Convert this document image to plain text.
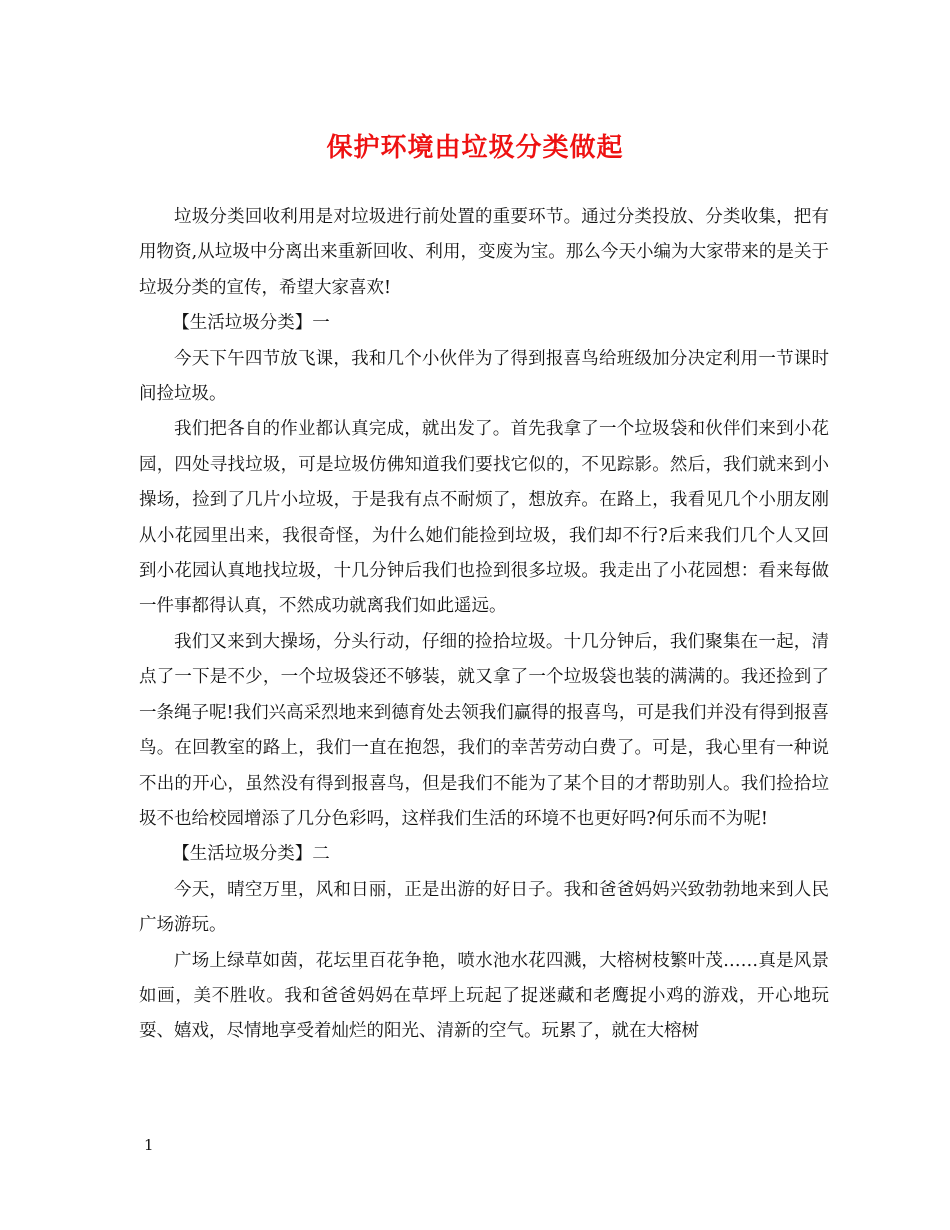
保护环境由垃圾分类做起

垃圾分类回收利用是对垃圾进行前处置的重要环节。通过分类投放、分类收集，把有用物资,从垃圾中分离出来重新回收、利用，变废为宝。那么今天小编为大家带来的是关于垃圾分类的宣传，希望大家喜欢!

【生活垃圾分类】一

今天下午四节放飞课，我和几个小伙伴为了得到报喜鸟给班级加分决定利用一节课时间捡垃圾。

我们把各自的作业都认真完成，就出发了。首先我拿了一个垃圾袋和伙伴们来到小花园，四处寻找垃圾，可是垃圾仿佛知道我们要找它似的，不见踪影。然后，我们就来到小操场，捡到了几片小垃圾，于是我有点不耐烦了，想放弃。在路上，我看见几个小朋友刚从小花园里出来，我很奇怪，为什么她们能捡到垃圾，我们却不行?后来我们几个人又回到小花园认真地找垃圾，十几分钟后我们也捡到很多垃圾。我走出了小花园想：看来每做一件事都得认真，不然成功就离我们如此遥远。

我们又来到大操场，分头行动，仔细的捡拾垃圾。十几分钟后，我们聚集在一起，清点了一下是不少，一个垃圾袋还不够装，就又拿了一个垃圾袋也装的满满的。我还捡到了一条绳子呢!我们兴高采烈地来到德育处去领我们赢得的报喜鸟，可是我们并没有得到报喜鸟。在回教室的路上，我们一直在抱怨，我们的幸苦劳动白费了。可是，我心里有一种说不出的开心，虽然没有得到报喜鸟，但是我们不能为了某个目的才帮助别人。我们捡拾垃圾不也给校园增添了几分色彩吗，这样我们生活的环境不也更好吗?何乐而不为呢!

【生活垃圾分类】二

今天，晴空万里，风和日丽，正是出游的好日子。我和爸爸妈妈兴致勃勃地来到人民广场游玩。

广场上绿草如茵，花坛里百花争艳，喷水池水花四溅，大榕树枝繁叶茂……真是风景如画，美不胜收。我和爸爸妈妈在草坪上玩起了捉迷藏和老鹰捉小鸡的游戏，开心地玩耍、嬉戏，尽情地享受着灿烂的阳光、清新的空气。玩累了，就在大榕树

1
